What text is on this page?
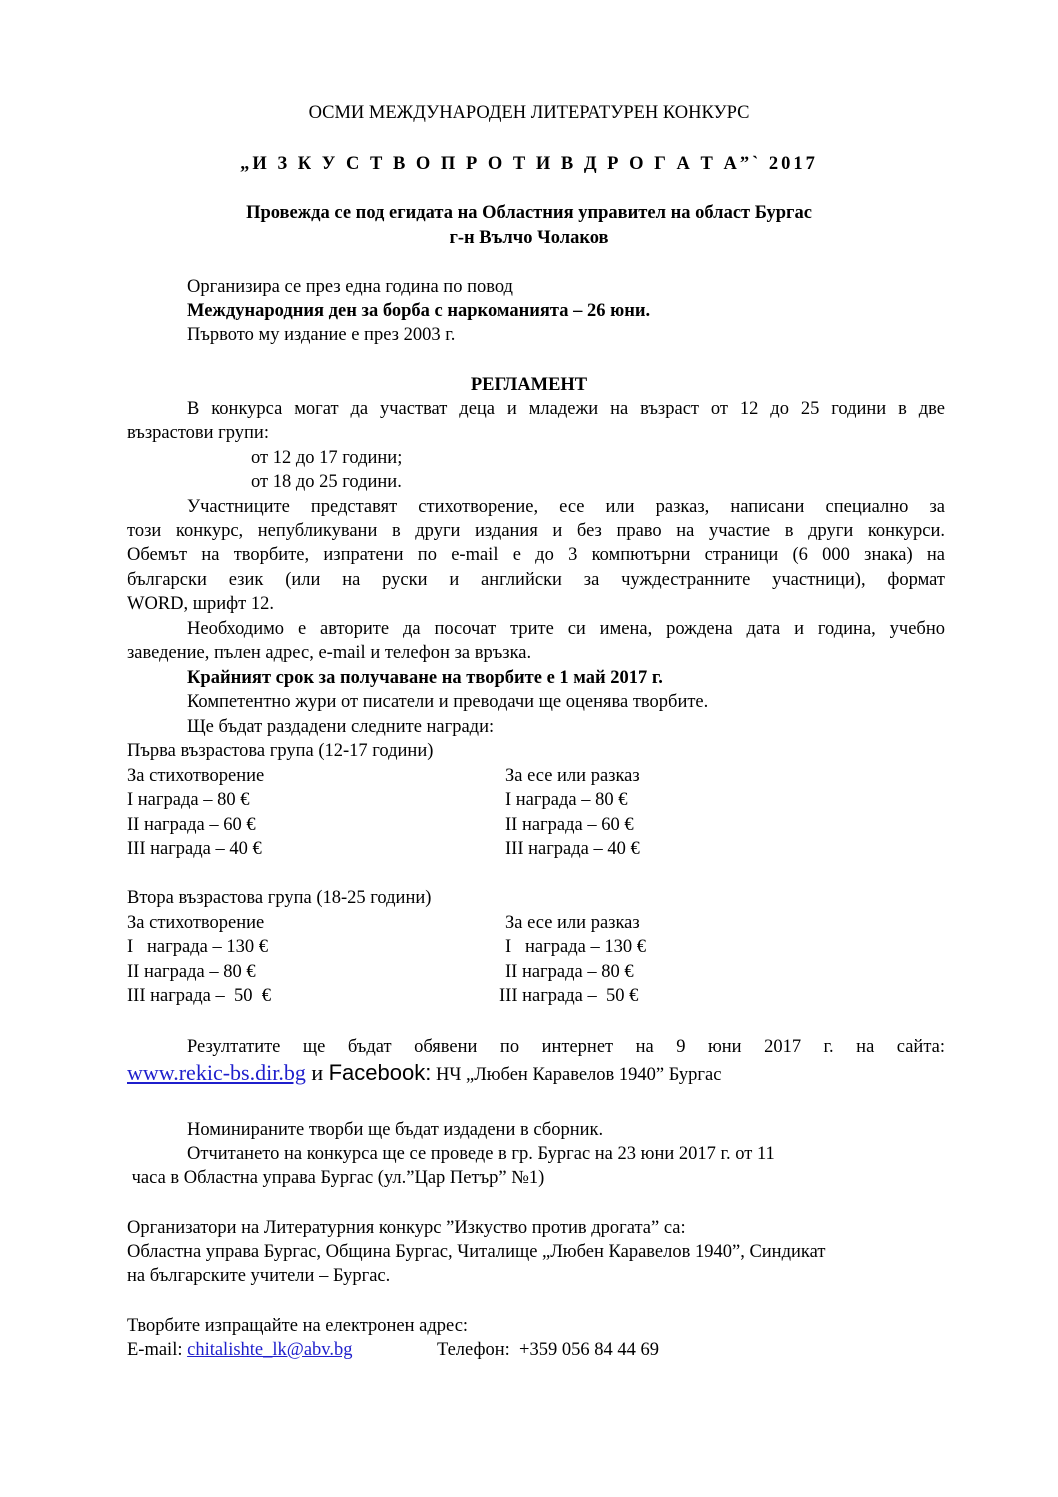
ОСМИ МЕЖДУНАРОДЕН ЛИТЕРАТУРЕН КОНКУРС
„И З К У С Т В О П Р О Т И В Д Р О Г А Т А”` 2017
Провежда се под егидата на Областния управител на област Бургас
г-н Вълчо Чолаков
Организира се през една година по повод
Международния ден за борба с наркоманията – 26 юни.
Първото му издание е през 2003 г.
РЕГЛАМЕНТ
В конкурса могат да участват деца и младежи на възраст от 12 до 25 години в две
възрастови групи:
от 12 до 17 години;
от 18 до 25 години.
Участниците представят стихотворение, есе или разказ, написани специално за
този конкурс, непубликувани в други издания и без право на участие в други конкурси.
Обемът на творбите, изпратени по e-mail е до 3 компютърни страници (6 000 знака) на
български език (или на руски и английски за чуждестранните участници), формат
WORD, шрифт 12.
Необходимо е авторите да посочат трите си имена, рождена дата и година, учебно
заведение, пълен адрес, e-mail и телефон за връзка.
Крайният срок за получаване на творбите е 1 май 2017 г.
Компетентно жури от писатели и преводачи ще оценява творбите.
Ще бъдат раздадени следните награди:
Първа възрастова група (12-17 години)
За стихотворение	За есе или разказ
I награда – 80 €	I награда – 80 €
II награда – 60 €	II награда – 60 €
III награда – 40 €	III награда – 40 €
Втора възрастова група (18-25 години)
За стихотворение	За есе или разказ
I   награда – 130 €	I   награда – 130 €
II награда – 80 €	II награда – 80 €
III награда –  50  €	III награда –  50 €
Резултатите ще бъдат обявени по интернет на 9 юни 2017 г. на сайта:
www.rekic-bs.dir.bg и Facebook: НЧ „Любен Каравелов 1940” Бургас
Номинираните творби ще бъдат издадени в сборник.
Отчитането на конкурса ще се проведе в гр. Бургас на 23 юни 2017 г. от 11
часа в Областна управа Бургас (ул.”Цар Петър” №1)
Организатори на Литературния конкурс ”Изкуство против дрогата” са:
Областна управа Бургас, Община Бургас, Читалище „Любен Каравелов 1940”, Синдикат
на българските учители – Бургас.
Творбите изпращайте на електронен адрес:
E-mail: chitalishte_lk@abv.bg	Телефон:  +359 056 84 44 69
